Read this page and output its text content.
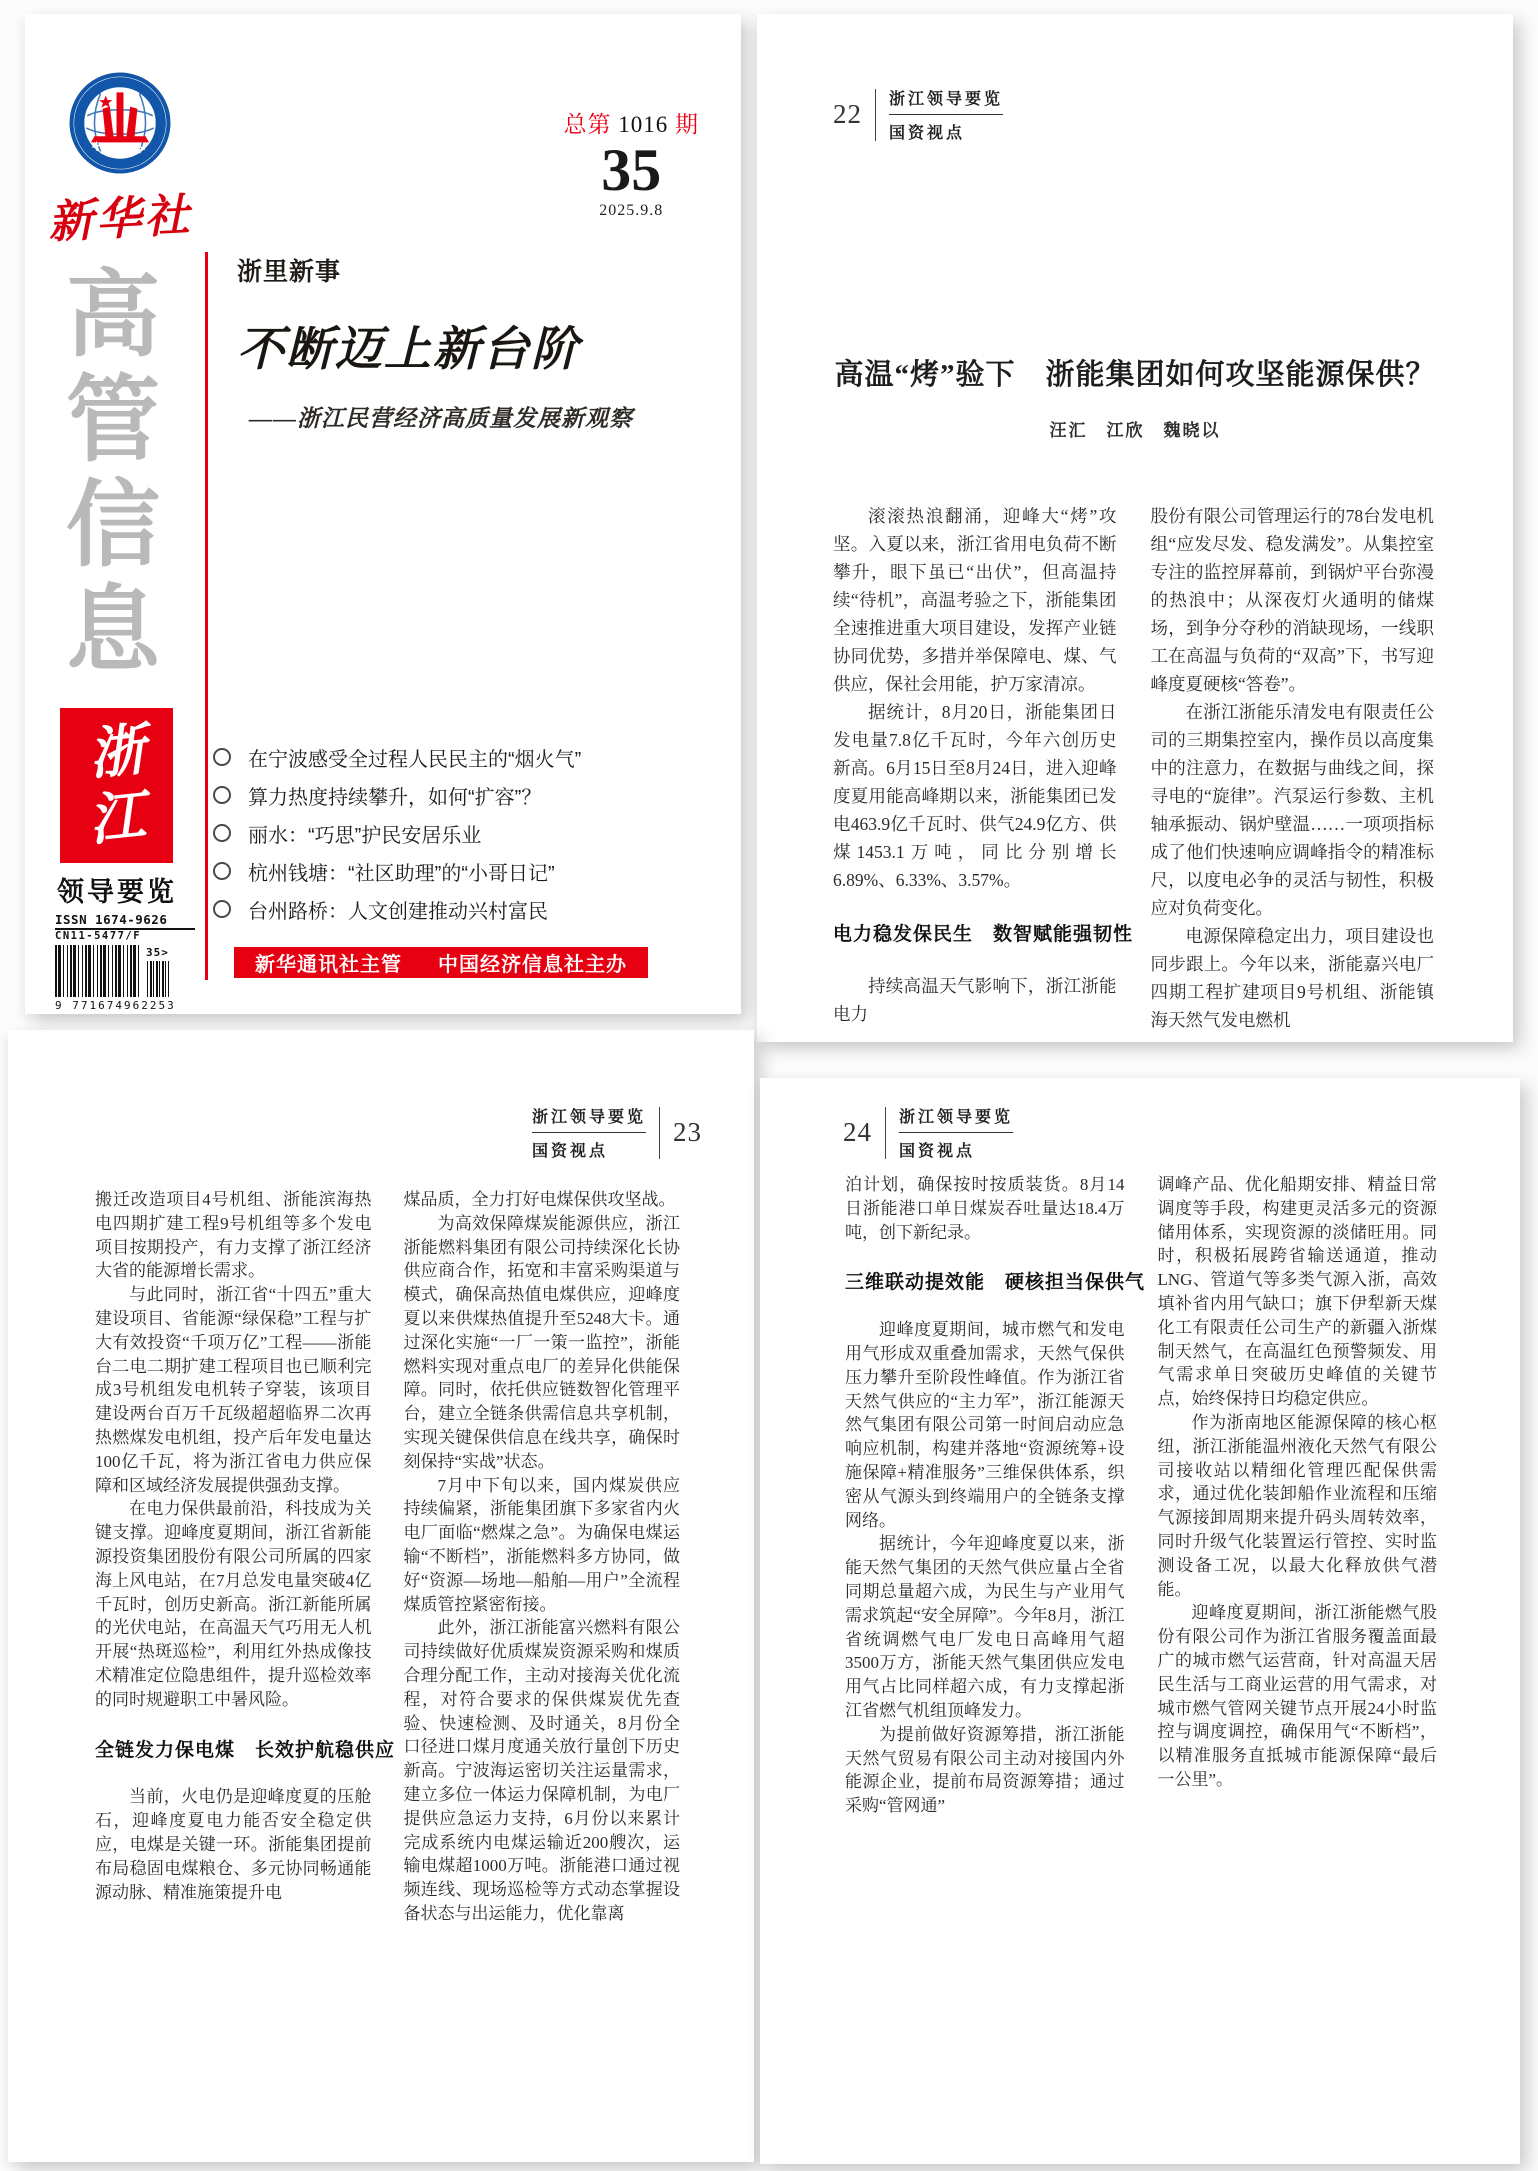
XINHUA
新华社
总第 1016 期
35
2025.9.8
高
管
信
息
浙
江
领导要览
ISSN 1674-9626
CN11-5477/F
35>
9 771674962253
浙里新事
不断迈上新台阶
——浙江民营经济高质量发展新观察
在宁波感受全过程人民民主的“烟火气”
算力热度持续攀升，如何“扩容”？
丽水：“巧思”护民安居乐业
杭州钱塘：“社区助理”的“小哥日记”
台州路桥：人文创建推动兴村富民
新华通讯社主管 中国经济信息社主办
22 浙江领导要览
国资视点
高温“烤”验下　浙能集团如何攻坚能源保供？
汪汇　江欣　魏晓以

滚滚热浪翻涌，迎峰大“烤”攻坚。入夏以来，浙江省用电负荷不断攀升，眼下虽已“出伏”，但高温持续“待机”，高温考验之下，浙能集团全速推进重大项目建设，发挥产业链协同优势，多措并举保障电、煤、气供应，保社会用能，护万家清凉。

据统计，8月20日，浙能集团日发电量7.8亿千瓦时，今年六创历史新高。6月15日至8月24日，进入迎峰度夏用能高峰期以来，浙能集团已发电463.9亿千瓦时、供气24.9亿方、供煤1453.1万吨，同比分别增长6.89%、6.33%、3.57%。

电力稳发保民生　数智赋能强韧性

持续高温天气影响下，浙江浙能电力

股份有限公司管理运行的78台发电机组“应发尽发、稳发满发”。从集控室专注的监控屏幕前，到锅炉平台弥漫的热浪中；从深夜灯火通明的储煤场，到争分夺秒的消缺现场，一线职工在高温与负荷的“双高”下，书写迎峰度夏硬核“答卷”。

在浙江浙能乐清发电有限责任公司的三期集控室内，操作员以高度集中的注意力，在数据与曲线之间，探寻电的“旋律”。汽泵运行参数、主机轴承振动、锅炉壁温……一项项指标成了他们快速响应调峰指令的精准标尺，以度电必争的灵活与韧性，积极应对负荷变化。

电源保障稳定出力，项目建设也同步跟上。今年以来，浙能嘉兴电厂四期工程扩建项目9号机组、浙能镇海天然气发电燃机

浙江领导要览
国资视点
23

搬迁改造项目4号机组、浙能滨海热电四期扩建工程9号机组等多个发电项目按期投产，有力支撑了浙江经济大省的能源增长需求。

与此同时，浙江省“十四五”重大建设项目、省能源“绿保稳”工程与扩大有效投资“千项万亿”工程——浙能台二电二期扩建工程项目也已顺利完成3号机组发电机转子穿装，该项目建设两台百万千瓦级超超临界二次再热燃煤发电机组，投产后年发电量达100亿千瓦，将为浙江省电力供应保障和区域经济发展提供强劲支撑。

在电力保供最前沿，科技成为关键支撑。迎峰度夏期间，浙江省新能源投资集团股份有限公司所属的四家海上风电站，在7月总发电量突破4亿千瓦时，创历史新高。浙江新能所属的光伏电站，在高温天气巧用无人机开展“热斑巡检”，利用红外热成像技术精准定位隐患组件，提升巡检效率的同时规避职工中暑风险。

全链发力保电煤　长效护航稳供应

当前，火电仍是迎峰度夏的压舱石，迎峰度夏电力能否安全稳定供应，电煤是关键一环。浙能集团提前布局稳固电煤粮仓、多元协同畅通能源动脉、精准施策提升电

煤品质，全力打好电煤保供攻坚战。

为高效保障煤炭能源供应，浙江浙能燃料集团有限公司持续深化长协供应商合作，拓宽和丰富采购渠道与模式，确保高热值电煤供应，迎峰度夏以来供煤热值提升至5248大卡。通过深化实施“一厂一策一监控”，浙能燃料实现对重点电厂的差异化供能保障。同时，依托供应链数智化管理平台，建立全链条供需信息共享机制，实现关键保供信息在线共享，确保时刻保持“实战”状态。

7月中下旬以来，国内煤炭供应持续偏紧，浙能集团旗下多家省内火电厂面临“燃煤之急”。为确保电煤运输“不断档”，浙能燃料多方协同，做好“资源—场地—船舶—用户”全流程煤质管控紧密衔接。

此外，浙江浙能富兴燃料有限公司持续做好优质煤炭资源采购和煤质合理分配工作，主动对接海关优化流程，对符合要求的保供煤炭优先查验、快速检测、及时通关，8月份全口径进口煤月度通关放行量创下历史新高。宁波海运密切关注运量需求，建立多位一体运力保障机制，为电厂提供应急运力支持，6月份以来累计完成系统内电煤运输近200艘次，运输电煤超1000万吨。浙能港口通过视频连线、现场巡检等方式动态掌握设备状态与出运能力，优化靠离

24 浙江领导要览
国资视点

泊计划，确保按时按质装货。8月14日浙能港口单日煤炭吞吐量达18.4万吨，创下新纪录。

三维联动提效能　硬核担当保供气

迎峰度夏期间，城市燃气和发电用气形成双重叠加需求，天然气保供压力攀升至阶段性峰值。作为浙江省天然气供应的“主力军”，浙江能源天然气集团有限公司第一时间启动应急响应机制，构建并落地“资源统筹+设施保障+精准服务”三维保供体系，织密从气源头到终端用户的全链条支撑网络。

据统计，今年迎峰度夏以来，浙能天然气集团的天然气供应量占全省同期总量超六成，为民生与产业用气需求筑起“安全屏障”。今年8月，浙江省统调燃气电厂发电日高峰用气超3500万方，浙能天然气集团供应发电用气占比同样超六成，有力支撑起浙江省燃气机组顶峰发力。

为提前做好资源筹措，浙江浙能天然气贸易有限公司主动对接国内外能源企业，提前布局资源筹措；通过采购“管网通”

调峰产品、优化船期安排、精益日常调度等手段，构建更灵活多元的资源储用体系，实现资源的淡储旺用。同时，积极拓展跨省输送通道，推动LNG、管道气等多类气源入浙，高效填补省内用气缺口；旗下伊犁新天煤化工有限责任公司生产的新疆入浙煤制天然气，在高温红色预警频发、用气需求单日突破历史峰值的关键节点，始终保持日均稳定供应。

作为浙南地区能源保障的核心枢纽，浙江浙能温州液化天然气有限公司接收站以精细化管理匹配保供需求，通过优化装卸船作业流程和压缩气源接卸周期来提升码头周转效率，同时升级气化装置运行管控、实时监测设备工况，以最大化释放供气潜能。

迎峰度夏期间，浙江浙能燃气股份有限公司作为浙江省服务覆盖面最广的城市燃气运营商，针对高温天居民生活与工商业运营的用气需求，对城市燃气管网关键节点开展24小时监控与调度调控，确保用气“不断档”，以精准服务直抵城市能源保障“最后一公里”。
